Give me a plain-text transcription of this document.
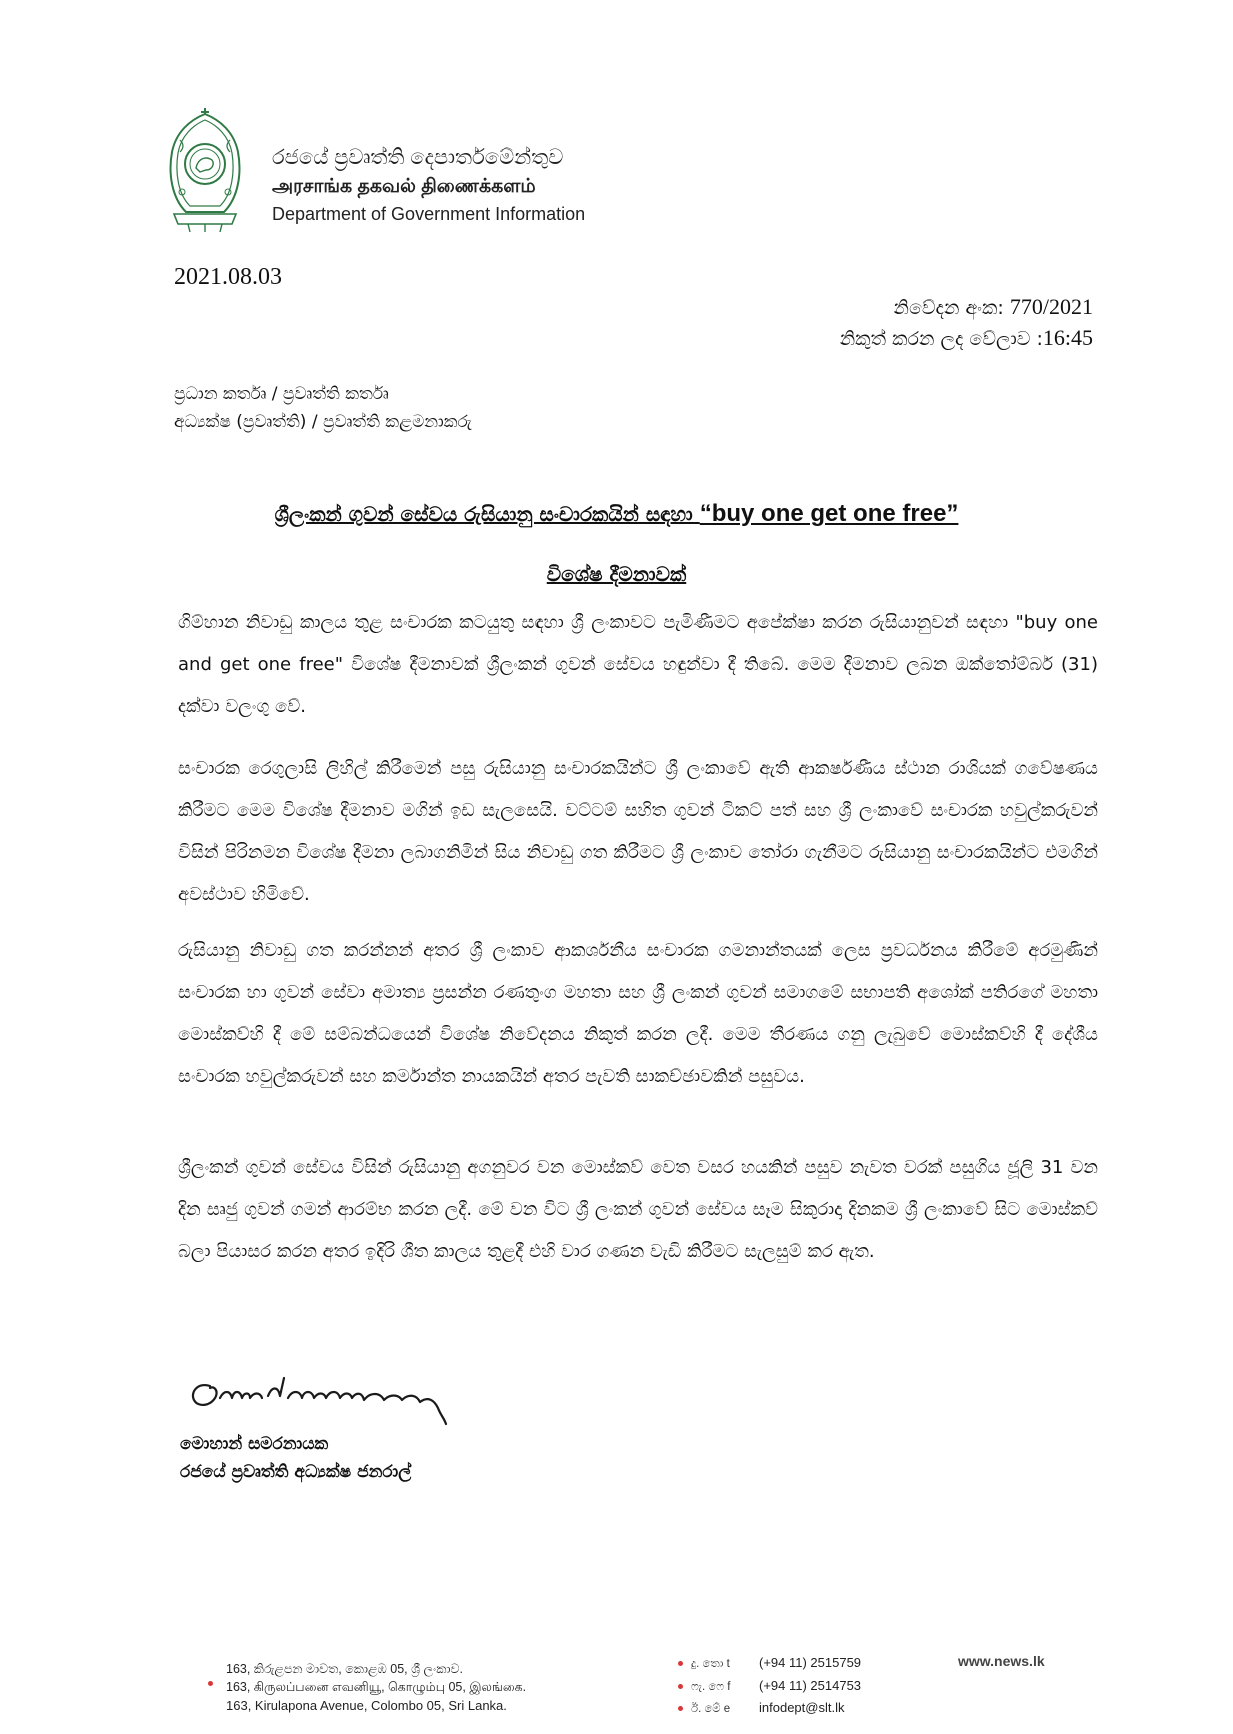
රජයේ ප්‍රවෘත්ති දෙපාර්තමේන්තුව
அரசாங்க தகவல் திணைக்களம்
Department of Government Information
2021.08.03
නිවේදන අංක: 770/2021
නිකුත් කරන ලද වේලාව :16:45
ප්‍රධාන කර්තෘ / ප්‍රවෘත්ති කර්තෘ
අධ්‍යක්ෂ (ප්‍රවෘත්ති) / ප්‍රවෘත්ති කළමනාකරු
ශ්‍රීලංකන් ගුවන් සේවය රුසියානු සංචාරකයින් සඳහා “buy one get one free”
විශේෂ දීමනාවක්
ගිම්හාන නිවාඩු කාලය තුළ සංචාරක කටයුතු සඳහා ශ්‍රී ලංකාවට පැමිණීමට අපේක්ෂා කරන රුසියානුවන් සඳහා "buy one and get one free" විශේෂ දීමනාවක් ශ්‍රීලංකන් ගුවන් සේවය හඳුන්වා දී තිබේ. මෙම දීමනාව ලබන ඔක්තෝම්බර් (31) දක්වා වලංගු වේ.
සංචාරක රෙගුලාසි ලිහිල් කිරීමෙන් පසු රුසියානු සංචාරකයින්ට ශ්‍රී ලංකාවේ ඇති ආකර්ෂණීය ස්ථාන රාශියක් ගවේෂණය කිරීමට මෙම විශේෂ දීමනාව මගින් ඉඩ සැලසෙයි. වට්ටම් සහිත ගුවන් ටිකට් පත් සහ ශ්‍රී ලංකාවේ සංචාරක හවුල්කරුවන් විසින් පිරිනමන විශේෂ දීමනා ලබාගනිමින් සිය නිවාඩු ගත කිරීමට ශ්‍රී ලංකාව තෝරා ගැනීමට රුසියානු සංචාරකයින්ට එමගින් අවස්ථාව හිමිවේ.
රුසියානු නිවාඩු ගත කරන්නන් අතර ශ්‍රී ලංකාව ආකර්ශනීය සංචාරක ගමනාන්තයක් ලෙස ප්‍රවර්ධනය කිරීමේ අරමුණින් සංචාරක හා ගුවන් සේවා අමාත්‍ය ප්‍රසන්න රණතුංග මහතා සහ ශ්‍රී ලංකන් ගුවන් සමාගමේ සභාපති අශෝක් පතිරගේ මහතා මොස්කව්හි දී මේ සම්බන්ධයෙන් විශේෂ නිවේදනය නිකුත් කරන ලදී. මෙම තීරණය ගනු ලැබුවේ මොස්කව්හි දී දේශීය සංචාරක හවුල්කරුවන් සහ කර්මාන්ත නායකයින් අතර පැවති සාකච්ඡාවකින් පසුවය.
ශ්‍රීලංකන් ගුවන් සේවය විසින් රුසියානු අගනුවර වන මොස්කව් වෙත වසර හයකින් පසුව නැවත වරක් පසුගිය ජූලි 31 වන දින සෘජු ගුවන් ගමන් ආරම්භ කරන ලදී. මේ වන විට ශ්‍රී ලංකන් ගුවන් සේවය සෑම සිකුරාදා දිනකම ශ්‍රී ලංකාවේ සිට මොස්කව් බලා පියාසර කරන අතර ඉදිරි ශීත කාලය තුළදී එහි වාර ගණන වැඩි කිරීමට සැලසුම් කර ඇත.
මොහාන් සමරනායක
රජයේ ප්‍රවෘත්ති අධ්‍යක්ෂ ජනරාල්
163, කිරුළපන මාවත, කොළඹ 05, ශ්‍රී ලංකාව.
163, கிருலப்பனை எவனியூ, கொழும்பு 05, இலங்கை.
163, Kirulapona Avenue, Colombo 05, Sri Lanka.
දු. තො t (+94 11) 2515759
ෆැ. ෆෙ f (+94 11) 2514753
ඊ. මේ e infodept@slt.lk
www.news.lk
